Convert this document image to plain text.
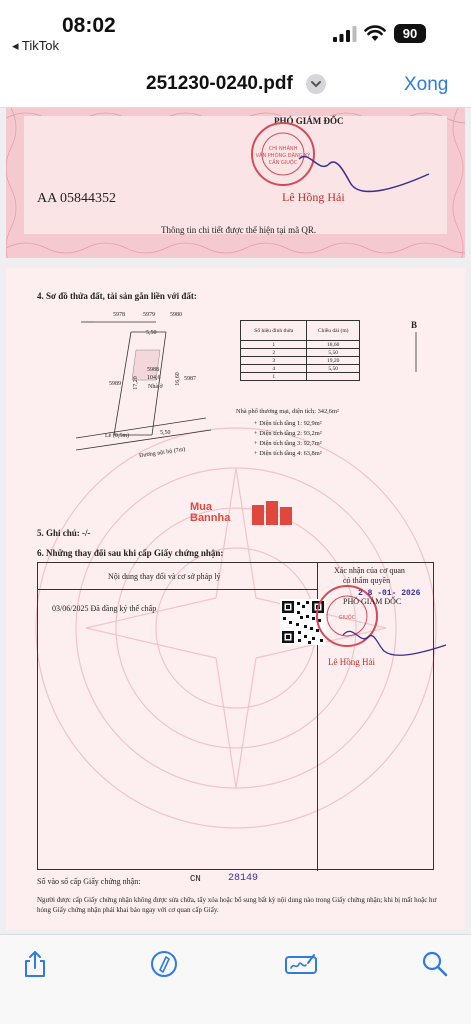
08:02
◂ TikTok
90
251230-0240.pdf	Xong
PHÓ GIÁM ĐỐC
CHI NHÁNH
VĂN PHÒNG ĐĂNG KÝ
CẦN GIUỘC
Lê Hồng Hải
AA 05844352
Thông tin chi tiết được thể hiện tại mã QR.
4. Sơ đồ thửa đất, tài sản gắn liền với đất:
5978	5979	5980
5,50
5989
5988
104,6
Nhà ở
17,20	16,60 5987
5,50
Lề (0,5m)
Đường nội bộ (7m)
Số hiệu đỉnh thửa	Chiều dài (m)
1	18,60
2	5,50
3	19,20
4	5,50
1	
B
Nhà phố thương mại, diện tích: 342,6m²
+ Diện tích tầng 1: 92,9m²
+ Diện tích tầng 2: 93,2m²
+ Diện tích tầng 3: 92,7m²
+ Diện tích tầng 4: 63,8m²
Mua
Bannha
5. Ghi chú: -/-
6. Những thay đổi sau khi cấp Giấy chứng nhận:
Nội dung thay đổi và cơ sở pháp lý
Xác nhận của cơ quan
có thẩm quyền
03/06/2025 Đã đăng ký thế chấp
GIUỘC
2 8 -01- 2026
PHÓ GIÁM ĐỐC
Lê Hồng Hải
Số vào sổ cấp Giấy chứng nhận:	CN	28149
Người được cấp Giấy chứng nhận không được sửa chữa, tẩy xóa hoặc bổ sung bất kỳ nội dung nào trong Giấy chứng nhận; khi bị mất hoặc hư hỏng Giấy chứng nhận phải khai báo ngay với cơ quan cấp Giấy.
